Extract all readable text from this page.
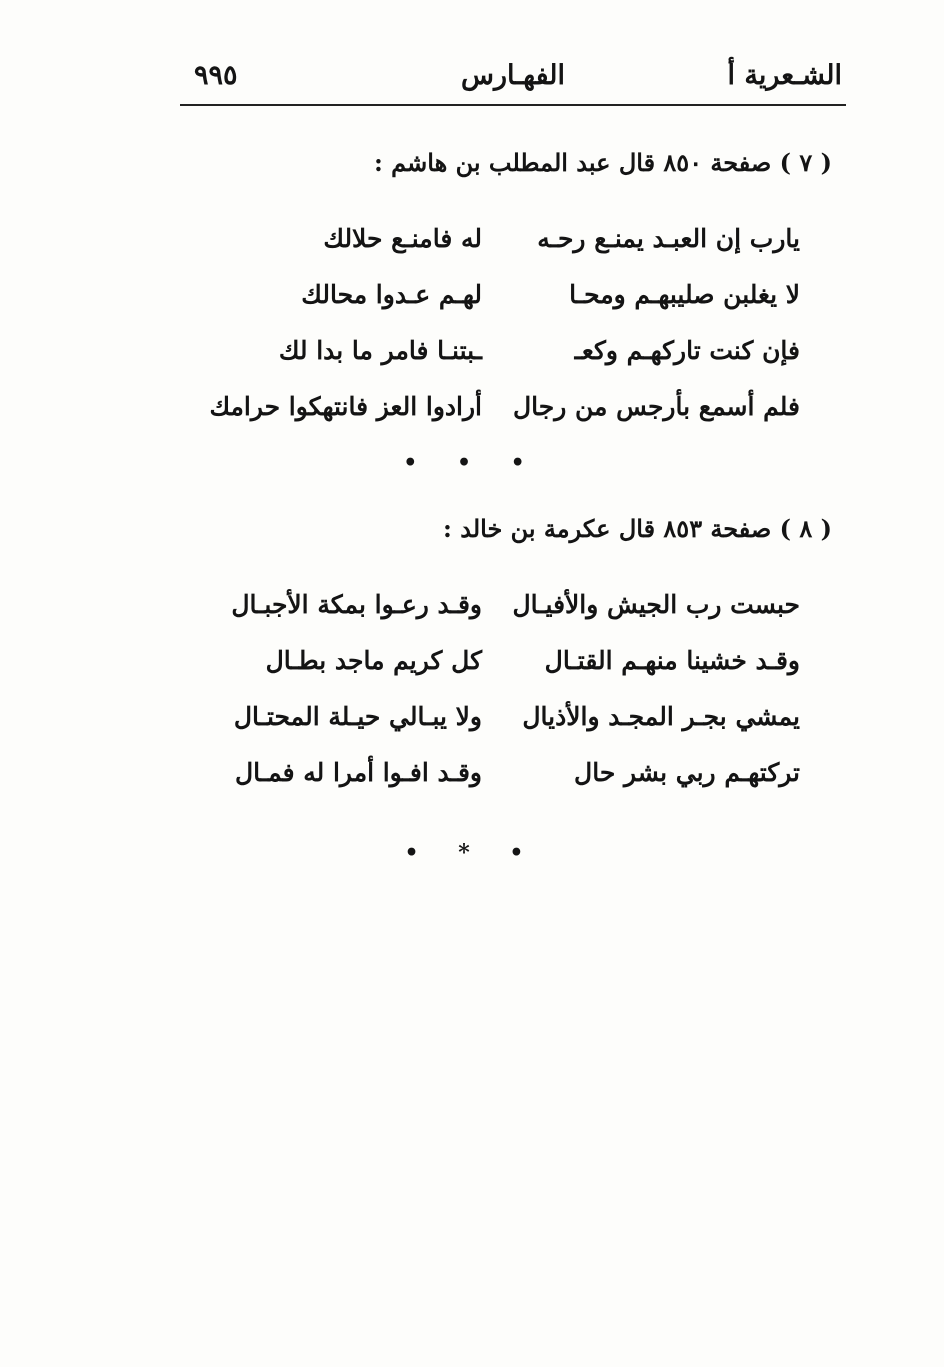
الشـعرية أ
الفهـارس
٩٩٥
( ٧ ) صفحة ٨٥٠ قال عبد المطلب بن هاشم :
يارب إن العبـد يمنـع رحـه
له فامنـع حلالك
لا يغلبن صليبهـم ومحـا
لهـم عـدوا محالك
فإن كنت تاركهـم وكعـ
ـبتنـا فامر ما بدا لك
فلم أسمع بأرجس من رجال
أرادوا العز فانتهكوا حرامك
• • •
( ٨ ) صفحة ٨٥٣ قال عكرمة بن خالد :
حبست رب الجيش والأفيـال
وقـد رعـوا بمكة الأجبـال
وقـد خشينا منهـم القتـال
كل كريم ماجد بطـال
يمشي بجـر المجـد والأذيال
ولا يبـالي حيـلة المحتـال
تركتهـم ربي بشر حال
وقـد افـوا أمرا له فمـال
• * •
